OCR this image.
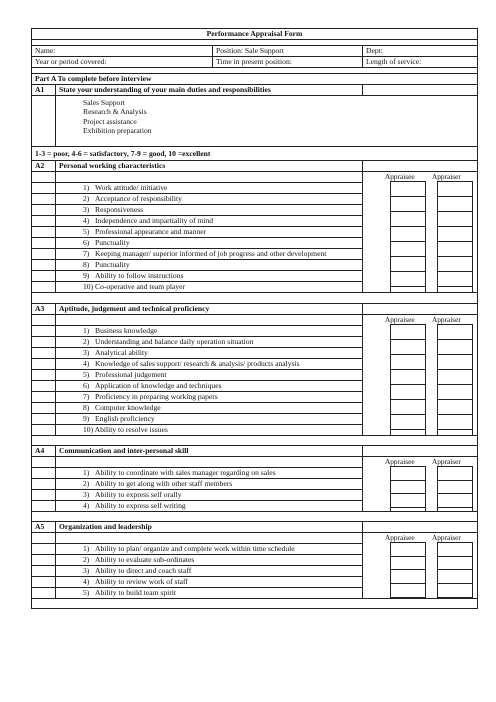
Performance Appraisal Form			

Name:		Position: Sale Support	Dept:
Year or period covered:		Time in present position:	Length of service:

Part A To complete before interview			
A1	State your understanding of your main duties and responsibilities		

	Sales Support
Research & Analysis
Project assistance
Exhibition preparation		

1-3 = poor, 4-6 = satisfactory, 7-9 = good, 10 =excellent			
A2	Personal working characteristics		

			Appraisee Appraiser

	1)   Work attitude/ initiative		
	2)   Acceptance of responsibility		
	3)   Responsiveness		
	4)   Independence and impartiality of mind		
	5)   Professional appearance and manner		
	6)   Punctuality		
	7)   Keeping manager/ superior informed of job progress and other development		
	8)   Punctuality		
	9)   Ability to follow instructions		
	10) Co-operative and team player		

A3	Aptitude, judgement and technical proficiency		

			Appraisee Appraiser

	1)   Business knowledge		
	2)   Understanding and balance daily operation situation		
	3)   Analytical ability		
	4)   Knowledge of sales support/ research & analysis/ products analysis		
	5)   Professional judgement		
	6)   Application of knowledge and techniques		
	7)   Proficiency in preparing working papers		
	8)   Computer knowledge		
	9)   English proficiency		
	10) Ability to resolve issues		

A4	Communication and inter-personal skill		

			Appraisee Appraiser

	1)   Ability to coordinate with sales manager regarding on sales		
	2)   Ability to get along with other staff members		
	3)   Ability to express self orally		
	4)   Ability to express self writing		

A5	Organization and leadership		

			Appraisee Appraiser

	1)   Ability to plan/ organize and complete work within time schedule		
	2)   Ability to evaluate sub-ordinates		
	3)   Ability to direct and coach staff		
	4)   Ability to review work of staff		
	5)   Ability to build team spirit		
